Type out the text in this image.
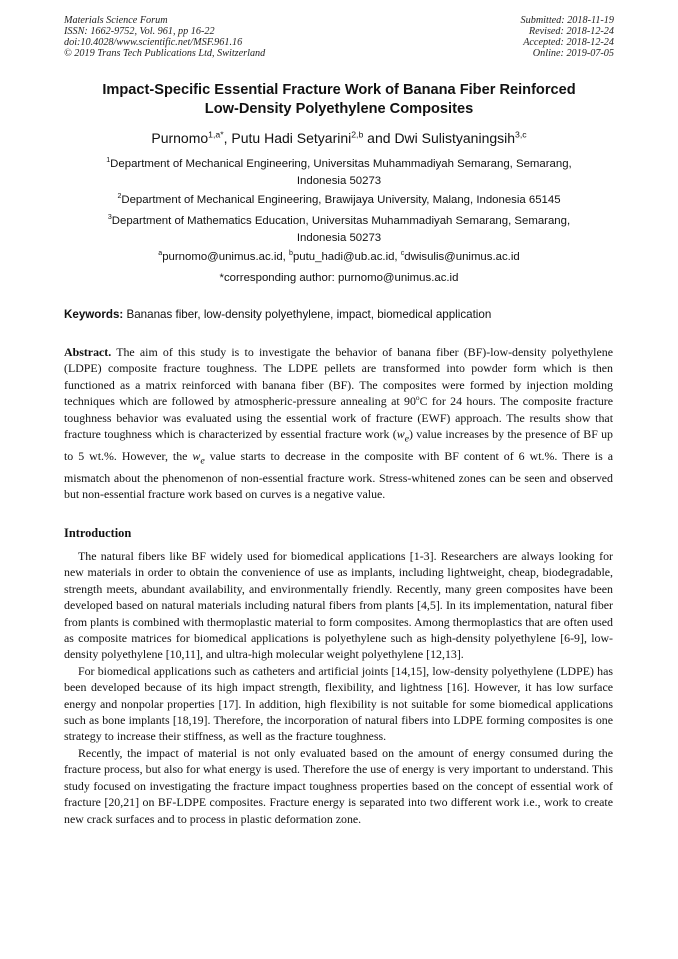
Materials Science Forum
ISSN: 1662-9752, Vol. 961, pp 16-22
doi:10.4028/www.scientific.net/MSF.961.16
© 2019 Trans Tech Publications Ltd, Switzerland
Submitted: 2018-11-19
Revised: 2018-12-24
Accepted: 2018-12-24
Online: 2019-07-05
Impact-Specific Essential Fracture Work of Banana Fiber Reinforced
Low-Density Polyethylene Composites
Purnomo$^{1,a*}$, Putu Hadi Setyarini$^{2,b}$ and Dwi Sulistyaningsih$^{3,c}$
$^1$Department of Mechanical Engineering, Universitas Muhammadiyah Semarang, Semarang,
Indonesia 50273
$^2$Department of Mechanical Engineering, Brawijaya University, Malang, Indonesia 65145
$^3$Department of Mathematics Education, Universitas Muhammadiyah Semarang, Semarang,
Indonesia 50273
$^a$purnomo@unimus.ac.id, $^b$putu_hadi@ub.ac.id, $^c$dwisulis@unimus.ac.id
*corresponding author: purnomo@unimus.ac.id
Keywords: Bananas fiber, low-density polyethylene, impact, biomedical application
Abstract. The aim of this study is to investigate the behavior of banana fiber (BF)-low-density polyethylene (LDPE) composite fracture toughness. The LDPE pellets are transformed into powder form which is then functioned as a matrix reinforced with banana fiber (BF). The composites were formed by injection molding techniques which are followed by atmospheric-pressure annealing at 90$^o$C for 24 hours. The composite fracture toughness behavior was evaluated using the essential work of fracture (EWF) approach. The results show that fracture toughness which is characterized by essential fracture work $(w_e)$ value increases by the presence of BF up to 5 wt.%. However, the $w_e$ value starts to decrease in the composite with BF content of 6 wt.%. There is a mismatch about the phenomenon of non-essential fracture work. Stress-whitened zones can be seen and observed but non-essential fracture work based on curves is a negative value.
Introduction

The natural fibers like BF widely used for biomedical applications [1-3]. Researchers are always looking for new materials in order to obtain the convenience of use as implants, including lightweight, cheap, biodegradable, strength meets, abundant availability, and environmentally friendly. Recently, many green composites have been developed based on natural materials including natural fibers from plants [4,5]. In its implementation, natural fiber from plants is combined with thermoplastic material to form composites. Among thermoplastics that are often used as composite matrices for biomedical applications is polyethylene such as high-density polyethylene [6-9], low-density polyethylene [10,11], and ultra-high molecular weight polyethylene [12,13].

For biomedical applications such as catheters and artificial joints [14,15], low-density polyethylene (LDPE) has been developed because of its high impact strength, flexibility, and lightness [16]. However, it has low surface energy and nonpolar properties [17]. In addition, high flexibility is not suitable for some biomedical applications such as bone implants [18,19]. Therefore, the incorporation of natural fibers into LDPE forming composites is one strategy to increase their stiffness, as well as the fracture toughness.

Recently, the impact of material is not only evaluated based on the amount of energy consumed during the fracture process, but also for what energy is used. Therefore the use of energy is very important to understand. This study focused on investigating the fracture impact toughness properties based on the concept of essential work of fracture [20,21] on BF-LDPE composites. Fracture energy is separated into two different work i.e., work to create new crack surfaces and to process in plastic deformation zone.
